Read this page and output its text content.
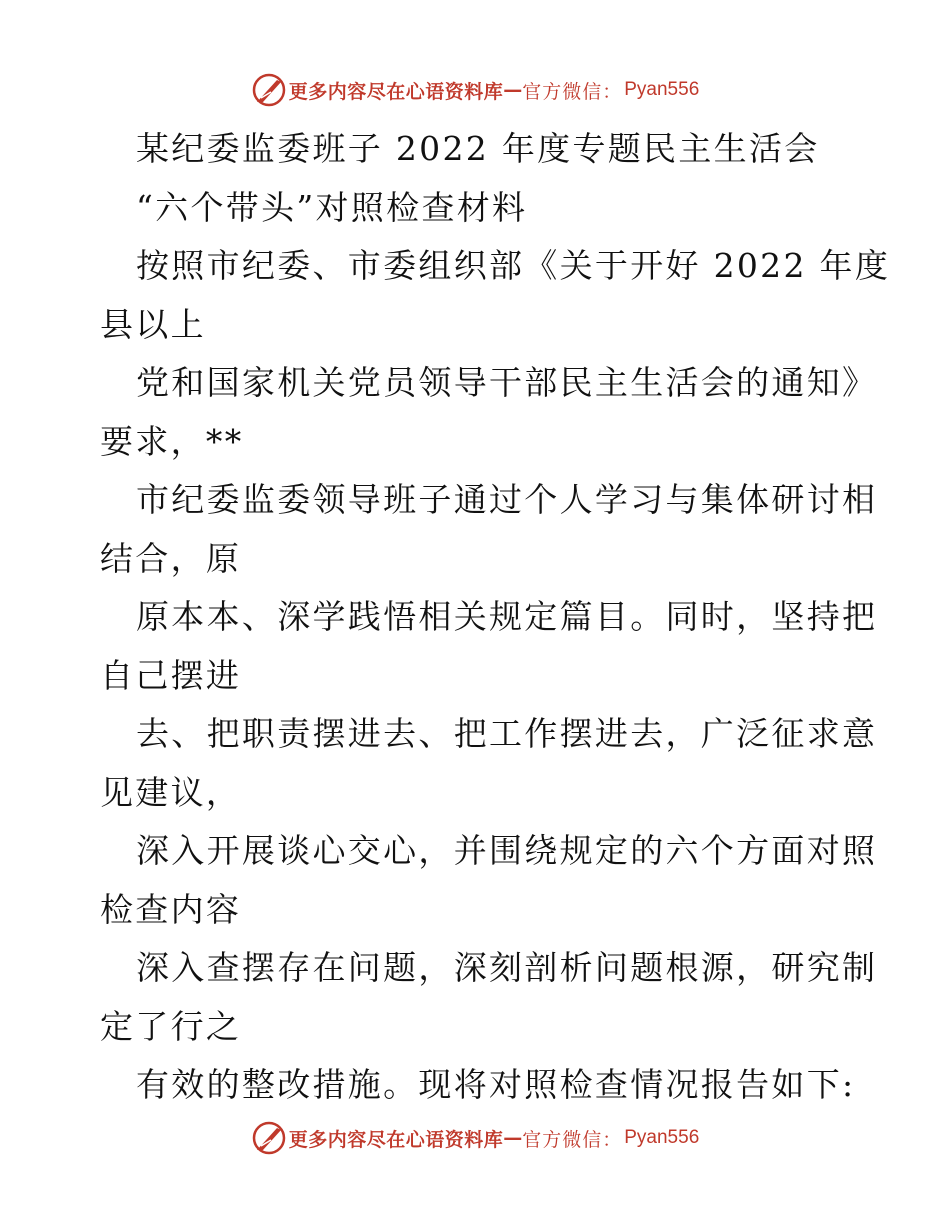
更多内容尽在心语资料库 — 官方微信： Pyan556
某纪委监委班子 2022 年度专题民主生活会
“六个带头”对照检查材料
按照市纪委、市委组织部《关于开好 2022 年度
县以上
党和国家机关党员领导干部民主生活会的通知》
要求，**
市纪委监委领导班子通过个人学习与集体研讨相
结合，原
原本本、深学践悟相关规定篇目。同时，坚持把
自己摆进
去、把职责摆进去、把工作摆进去，广泛征求意
见建议，
深入开展谈心交心，并围绕规定的六个方面对照
检查内容
深入查摆存在问题，深刻剖析问题根源，研究制
定了行之
有效的整改措施。现将对照检查情况报告如下:
更多内容尽在心语资料库 — 官方微信： Pyan556
